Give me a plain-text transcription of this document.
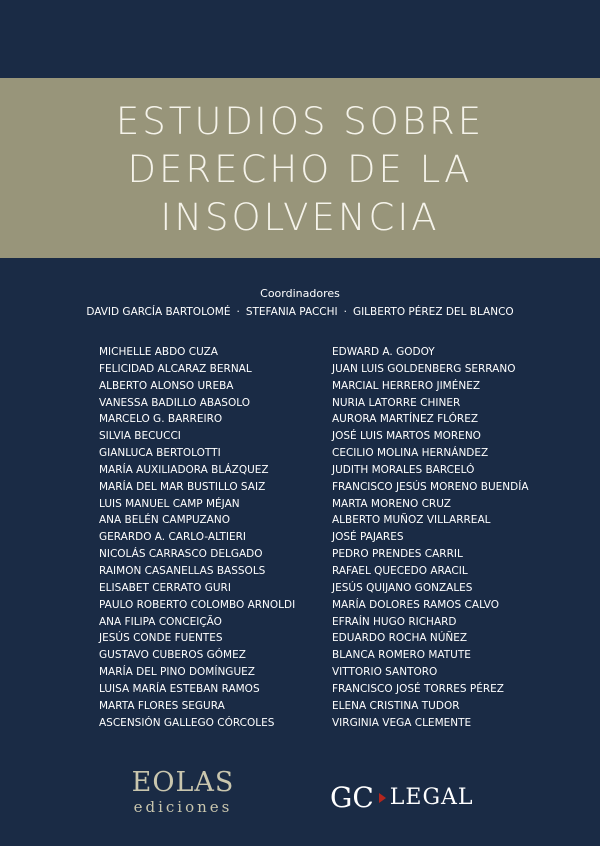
ESTUDIOS SOBRE
DERECHO DE LA
INSOLVENCIA
Coordinadores
DAVID GARCÍA BARTOLOMÉ · STEFANIA PACCHI · GILBERTO PÉREZ DEL BLANCO
MICHELLE ABDO CUZA
FELICIDAD ALCARAZ BERNAL
ALBERTO ALONSO UREBA
VANESSA BADILLO ABASOLO
MARCELO G. BARREIRO
SILVIA BECUCCI
GIANLUCA BERTOLOTTI
MARÍA AUXILIADORA BLÁZQUEZ
MARÍA DEL MAR BUSTILLO SAIZ
LUIS MANUEL CAMP MÉJAN
ANA BELÉN CAMPUZANO
GERARDO A. CARLO-ALTIERI
NICOLÁS CARRASCO DELGADO
RAIMON CASANELLAS BASSOLS
ELISABET CERRATO GURI
PAULO ROBERTO COLOMBO ARNOLDI
ANA FILIPA CONCEIÇÃO
JESÚS CONDE FUENTES
GUSTAVO CUBEROS GÓMEZ
MARÍA DEL PINO DOMÍNGUEZ
LUISA MARÍA ESTEBAN RAMOS
MARTA FLORES SEGURA
ASCENSIÓN GALLEGO CÓRCOLES
EDWARD A. GODOY
JUAN LUIS GOLDENBERG SERRANO
MARCIAL HERRERO JIMÉNEZ
NURIA LATORRE CHINER
AURORA MARTÍNEZ FLÓREZ
JOSÉ LUIS MARTOS MORENO
CECILIO MOLINA HERNÁNDEZ
JUDITH MORALES BARCELÓ
FRANCISCO JESÚS MORENO BUENDÍA
MARTA MORENO CRUZ
ALBERTO MUÑOZ VILLARREAL
JOSÉ PAJARES
PEDRO PRENDES CARRIL
RAFAEL QUECEDO ARACIL
JESÚS QUIJANO GONZALES
MARÍA DOLORES RAMOS CALVO
EFRAÍN HUGO RICHARD
EDUARDO ROCHA NÚÑEZ
BLANCA ROMERO MATUTE
VITTORIO SANTORO
FRANCISCO JOSÉ TORRES PÉREZ
ELENA CRISTINA TUDOR
VIRGINIA VEGA CLEMENTE
EOLAS
ediciones	GC LEGAL
